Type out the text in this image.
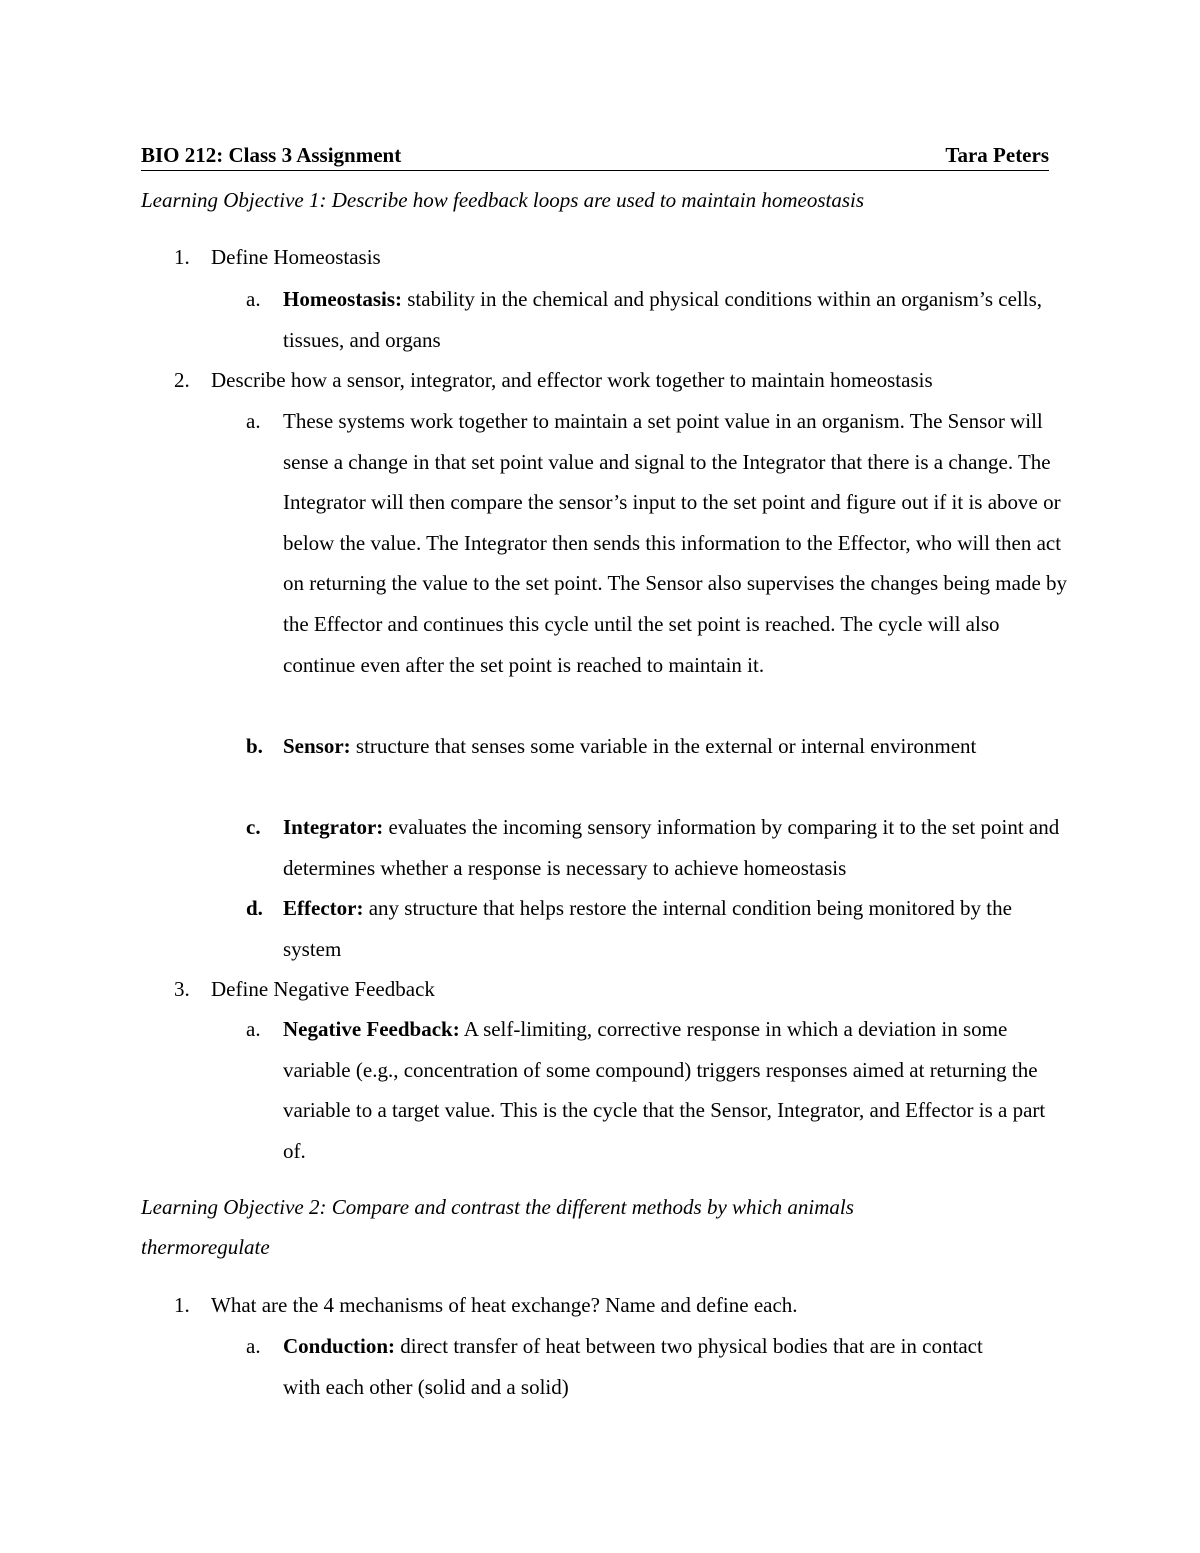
BIO 212: Class 3 Assignment	Tara Peters

Learning Objective 1: Describe how feedback loops are used to maintain homeostasis

1. Define Homeostasis
a. Homeostasis: stability in the chemical and physical conditions within an organism’s cells, tissues, and organs

2. Describe how a sensor, integrator, and effector work together to maintain homeostasis
a. These systems work together to maintain a set point value in an organism. The Sensor will sense a change in that set point value and signal to the Integrator that there is a change. The Integrator will then compare the sensor’s input to the set point and figure out if it is above or below the value. The Integrator then sends this information to the Effector, who will then act on returning the value to the set point. The Sensor also supervises the changes being made by the Effector and continues this cycle until the set point is reached. The cycle will also continue even after the set point is reached to maintain it.

b. Sensor: structure that senses some variable in the external or internal environment

c. Integrator: evaluates the incoming sensory information by comparing it to the set point and determines whether a response is necessary to achieve homeostasis

d. Effector: any structure that helps restore the internal condition being monitored by the system

3. Define Negative Feedback
a. Negative Feedback: A self-limiting, corrective response in which a deviation in some variable (e.g., concentration of some compound) triggers responses aimed at returning the variable to a target value. This is the cycle that the Sensor, Integrator, and Effector is a part of.

Learning Objective 2: Compare and contrast the different methods by which animals thermoregulate

1. What are the 4 mechanisms of heat exchange? Name and define each.
a. Conduction: direct transfer of heat between two physical bodies that are in contact with each other (solid and a solid)
